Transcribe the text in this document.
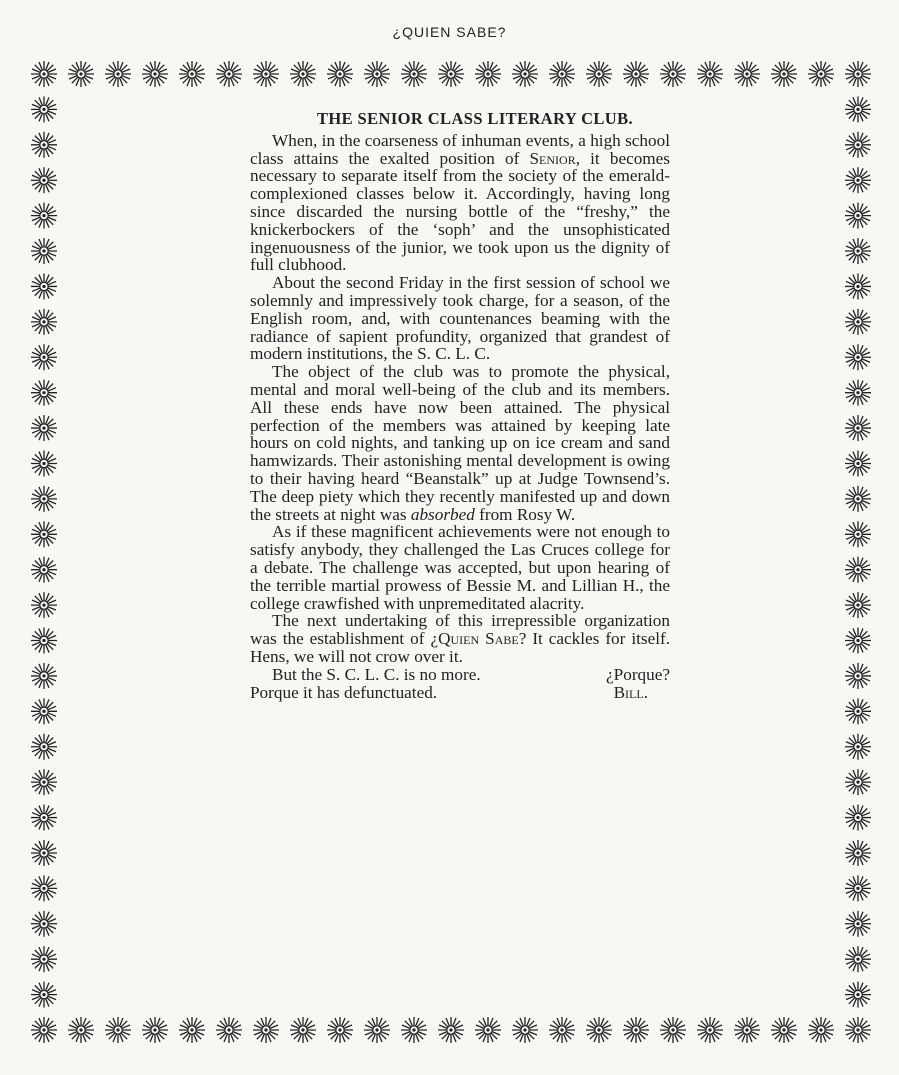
¿QUIEN SABE?
THE SENIOR CLASS LITERARY CLUB.

When, in the coarseness of inhuman events, a high school class attains the exalted position of Senior, it becomes necessary to separate itself from the society of the emerald-complexioned classes below it. Accordingly, having long since discarded the nursing bottle of the “freshy,” the knickerbockers of the ‘soph’ and the unsophisticated ingenuousness of the junior, we took upon us the dignity of full clubhood.

About the second Friday in the first session of school we solemnly and impressively took charge, for a season, of the English room, and, with countenances beaming with the radiance of sapient profundity, organized that grandest of modern institutions, the S. C. L. C.

The object of the club was to promote the physical, mental and moral well-being of the club and its members. All these ends have now been attained. The physical perfection of the members was attained by keeping late hours on cold nights, and tanking up on ice cream and sand hamwizards. Their astonishing mental development is owing to their having heard “Beanstalk” up at Judge Townsend’s. The deep piety which they recently manifested up and down the streets at night was absorbed from Rosy W.

As if these magnificent achievements were not enough to satisfy anybody, they challenged the Las Cruces college for a debate. The challenge was accepted, but upon hearing of the terrible martial prowess of Bessie M. and Lillian H., the college crawfished with unpremeditated alacrity.

The next undertaking of this irrepressible organization was the establishment of ¿Quien Sabe? It cackles for itself. Hens, we will not crow over it.

But the S. C. L. C. is no more.	¿Porque?
Porque it has defunctuated.	Bill.
